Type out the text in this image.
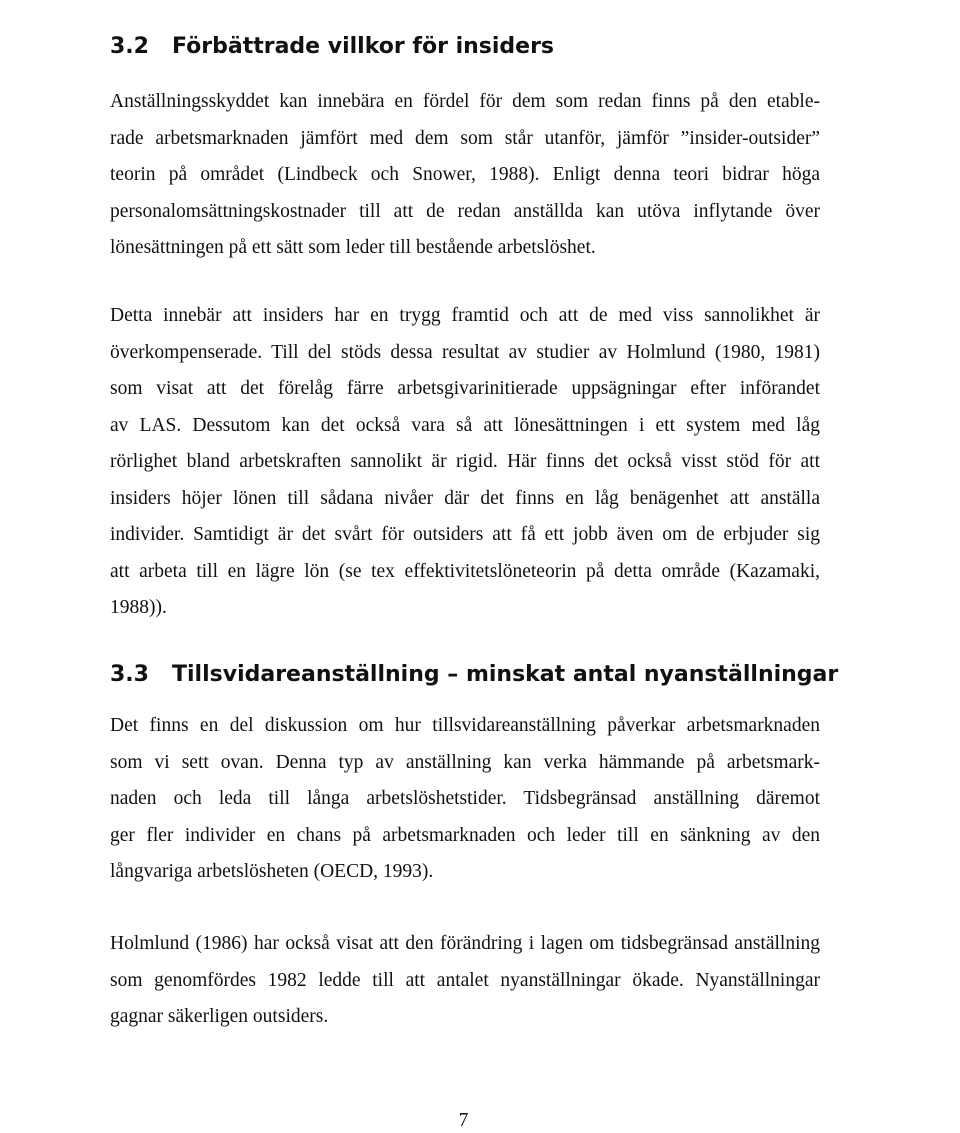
3.2 Förbättrade villkor för insiders
Anställningsskyddet kan innebära en fördel för dem som redan finns på den etable-
rade arbetsmarknaden jämfört med dem som står utanför, jämför ”insider-outsider”
teorin på området (Lindbeck och Snower, 1988). Enligt denna teori bidrar höga
personalomsättningskostnader till att de redan anställda kan utöva inflytande över
lönesättningen på ett sätt som leder till bestående arbetslöshet.
Detta innebär att insiders har en trygg framtid och att de med viss sannolikhet är
överkompenserade. Till del stöds dessa resultat av studier av Holmlund (1980, 1981)
som visat att det förelåg färre arbetsgivarinitierade uppsägningar efter införandet
av LAS. Dessutom kan det också vara så att lönesättningen i ett system med låg
rörlighet bland arbetskraften sannolikt är rigid. Här finns det också visst stöd för att
insiders höjer lönen till sådana nivåer där det finns en låg benägenhet att anställa
individer. Samtidigt är det svårt för outsiders att få ett jobb även om de erbjuder sig
att arbeta till en lägre lön (se tex effektivitetslöneteorin på detta område (Kazamaki,
1988)).
3.3 Tillsvidareanställning – minskat antal nyanställningar
Det finns en del diskussion om hur tillsvidareanställning påverkar arbetsmarknaden
som vi sett ovan. Denna typ av anställning kan verka hämmande på arbetsmark-
naden och leda till långa arbetslöshetstider. Tidsbegränsad anställning däremot
ger fler individer en chans på arbetsmarknaden och leder till en sänkning av den
långvariga arbetslösheten (OECD, 1993).
Holmlund (1986) har också visat att den förändring i lagen om tidsbegränsad anställning
som genomfördes 1982 ledde till att antalet nyanställningar ökade. Nyanställningar
gagnar säkerligen outsiders.
7
